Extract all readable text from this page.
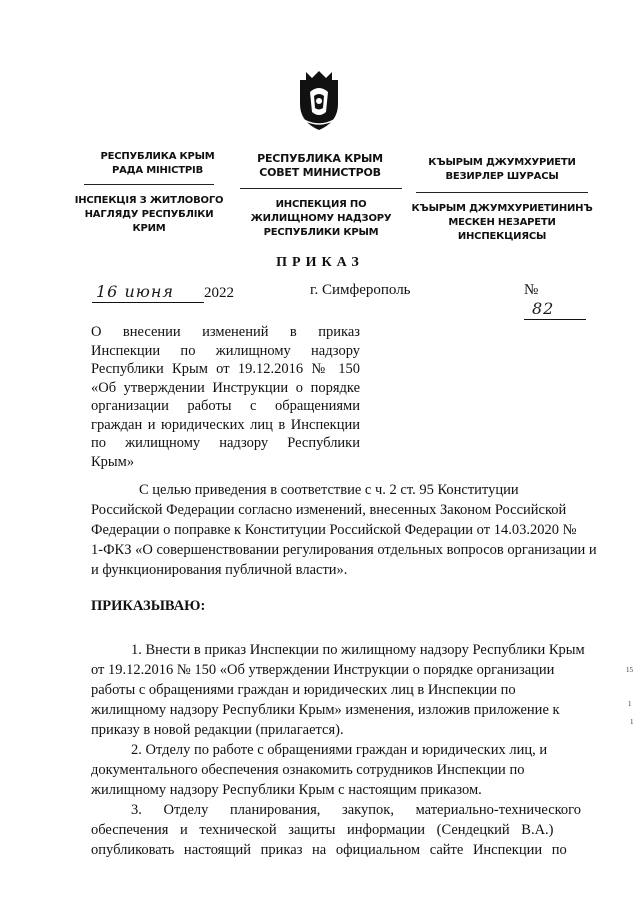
РЕСПУБЛИКА КРЫМ
РАДА МІНІСТРІВ
ІНСПЕКЦІЯ З ЖИТЛОВОГО
НАГЛЯДУ РЕСПУБЛІКИ
КРИМ
РЕСПУБЛИКА КРЫМ
СОВЕТ МИНИСТРОВ
ИНСПЕКЦИЯ ПО
ЖИЛИЩНОМУ НАДЗОРУ
РЕСПУБЛИКИ КРЫМ
КЪЫРЫМ ДЖУМХУРИЕТИ
ВЕЗИРЛЕР ШУРАСЫ
КЪЫРЫМ ДЖУМХУРИЕТИНИНЪ
МЕСКЕН НЕЗАРЕТИ
ИНСПЕКЦИЯСЫ
ПРИКАЗ
16 июня 2022	г. Симферополь	№ 82
О внесении изменений в приказ Инспекции по жилищному надзору Республики Крым от 19.12.2016 № 150 «Об утверждении Инструкции о порядке организации работы с обращениями граждан и юридических лиц в Инспекции по жилищному надзору Республики Крым»
С целью приведения в соответствие с ч. 2 ст. 95 Конституции
Российской Федерации согласно изменений, внесенных Законом Российской
Федерации о поправке к Конституции Российской Федерации от 14.03.2020 №
1-ФКЗ «О совершенствовании регулирования отдельных вопросов организации и
и функционирования публичной власти».
ПРИКАЗЫВАЮ:
1. Внести в приказ Инспекции по жилищному надзору Республики Крым
от 19.12.2016 № 150 «Об утверждении Инструкции о порядке организации
работы с обращениями граждан и юридических лиц в Инспекции по
жилищному надзору Республики Крым» изменения, изложив приложение к
приказу в новой редакции (прилагается).
2. Отделу по работе с обращениями граждан и юридических лиц, и
документального обеспечения ознакомить сотрудников Инспекции по
жилищному надзору Республики Крым с настоящим приказом.
3. Отделу планирования, закупок, материально-технического
обеспечения и технической защиты информации (Сендецкий В.А.)
опубликовать настоящий приказ на официальном сайте Инспекции по
1
15
1
